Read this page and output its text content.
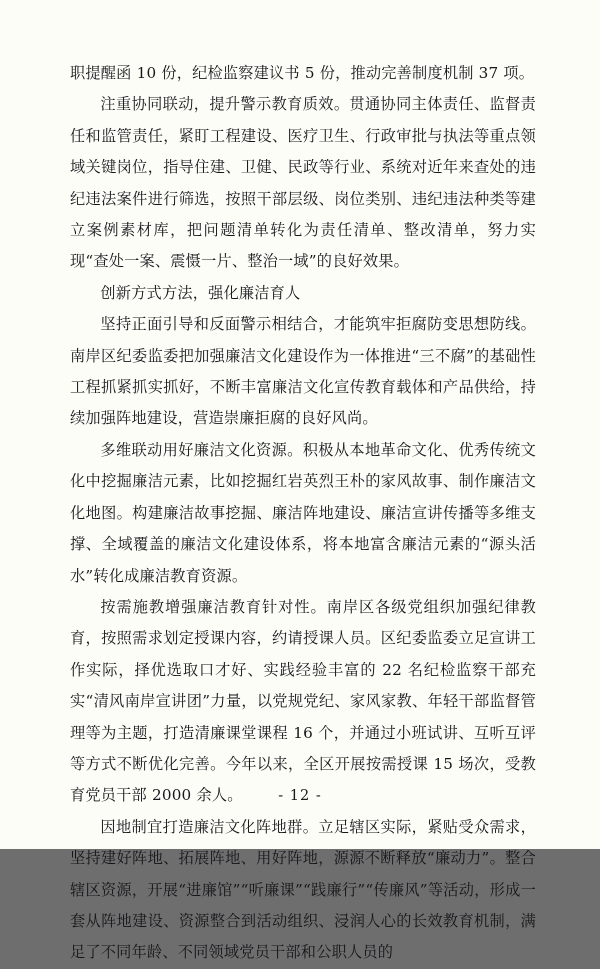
职提醒函 10 份，纪检监察建议书 5 份，推动完善制度机制 37 项。

注重协同联动，提升警示教育质效。贯通协同主体责任、监督责任和监管责任，紧盯工程建设、医疗卫生、行政审批与执法等重点领域关键岗位，指导住建、卫健、民政等行业、系统对近年来查处的违纪违法案件进行筛选，按照干部层级、岗位类别、违纪违法种类等建立案例素材库，把问题清单转化为责任清单、整改清单，努力实现“查处一案、震慑一片、整治一域”的良好效果。

创新方式方法，强化廉洁育人

坚持正面引导和反面警示相结合，才能筑牢拒腐防变思想防线。南岸区纪委监委把加强廉洁文化建设作为一体推进“三不腐”的基础性工程抓紧抓实抓好，不断丰富廉洁文化宣传教育载体和产品供给，持续加强阵地建设，营造崇廉拒腐的良好风尚。

多维联动用好廉洁文化资源。积极从本地革命文化、优秀传统文化中挖掘廉洁元素，比如挖掘红岩英烈王朴的家风故事、制作廉洁文化地图。构建廉洁故事挖掘、廉洁阵地建设、廉洁宣讲传播等多维支撑、全域覆盖的廉洁文化建设体系，将本地富含廉洁元素的“源头活水”转化成廉洁教育资源。

按需施教增强廉洁教育针对性。南岸区各级党组织加强纪律教育，按照需求划定授课内容，约请授课人员。区纪委监委立足宣讲工作实际，择优选取口才好、实践经验丰富的 22 名纪检监察干部充实“清风南岸宣讲团”力量，以党规党纪、家风家教、年轻干部监督管理等为主题，打造清廉课堂课程 16 个，并通过小班试讲、互听互评等方式不断优化完善。今年以来，全区开展按需授课 15 场次，受教育党员干部 2000 余人。

因地制宜打造廉洁文化阵地群。立足辖区实际，紧贴受众需求，坚持建好阵地、拓展阵地、用好阵地，源源不断释放“廉动力”。整合辖区资源，开展“进廉馆”“听廉课”“践廉行”“传廉风”等活动，形成一套从阵地建设、资源整合到活动组织、浸润人心的长效教育机制，满足了不同年龄、不同领域党员干部和公职人员的

- 12 -
